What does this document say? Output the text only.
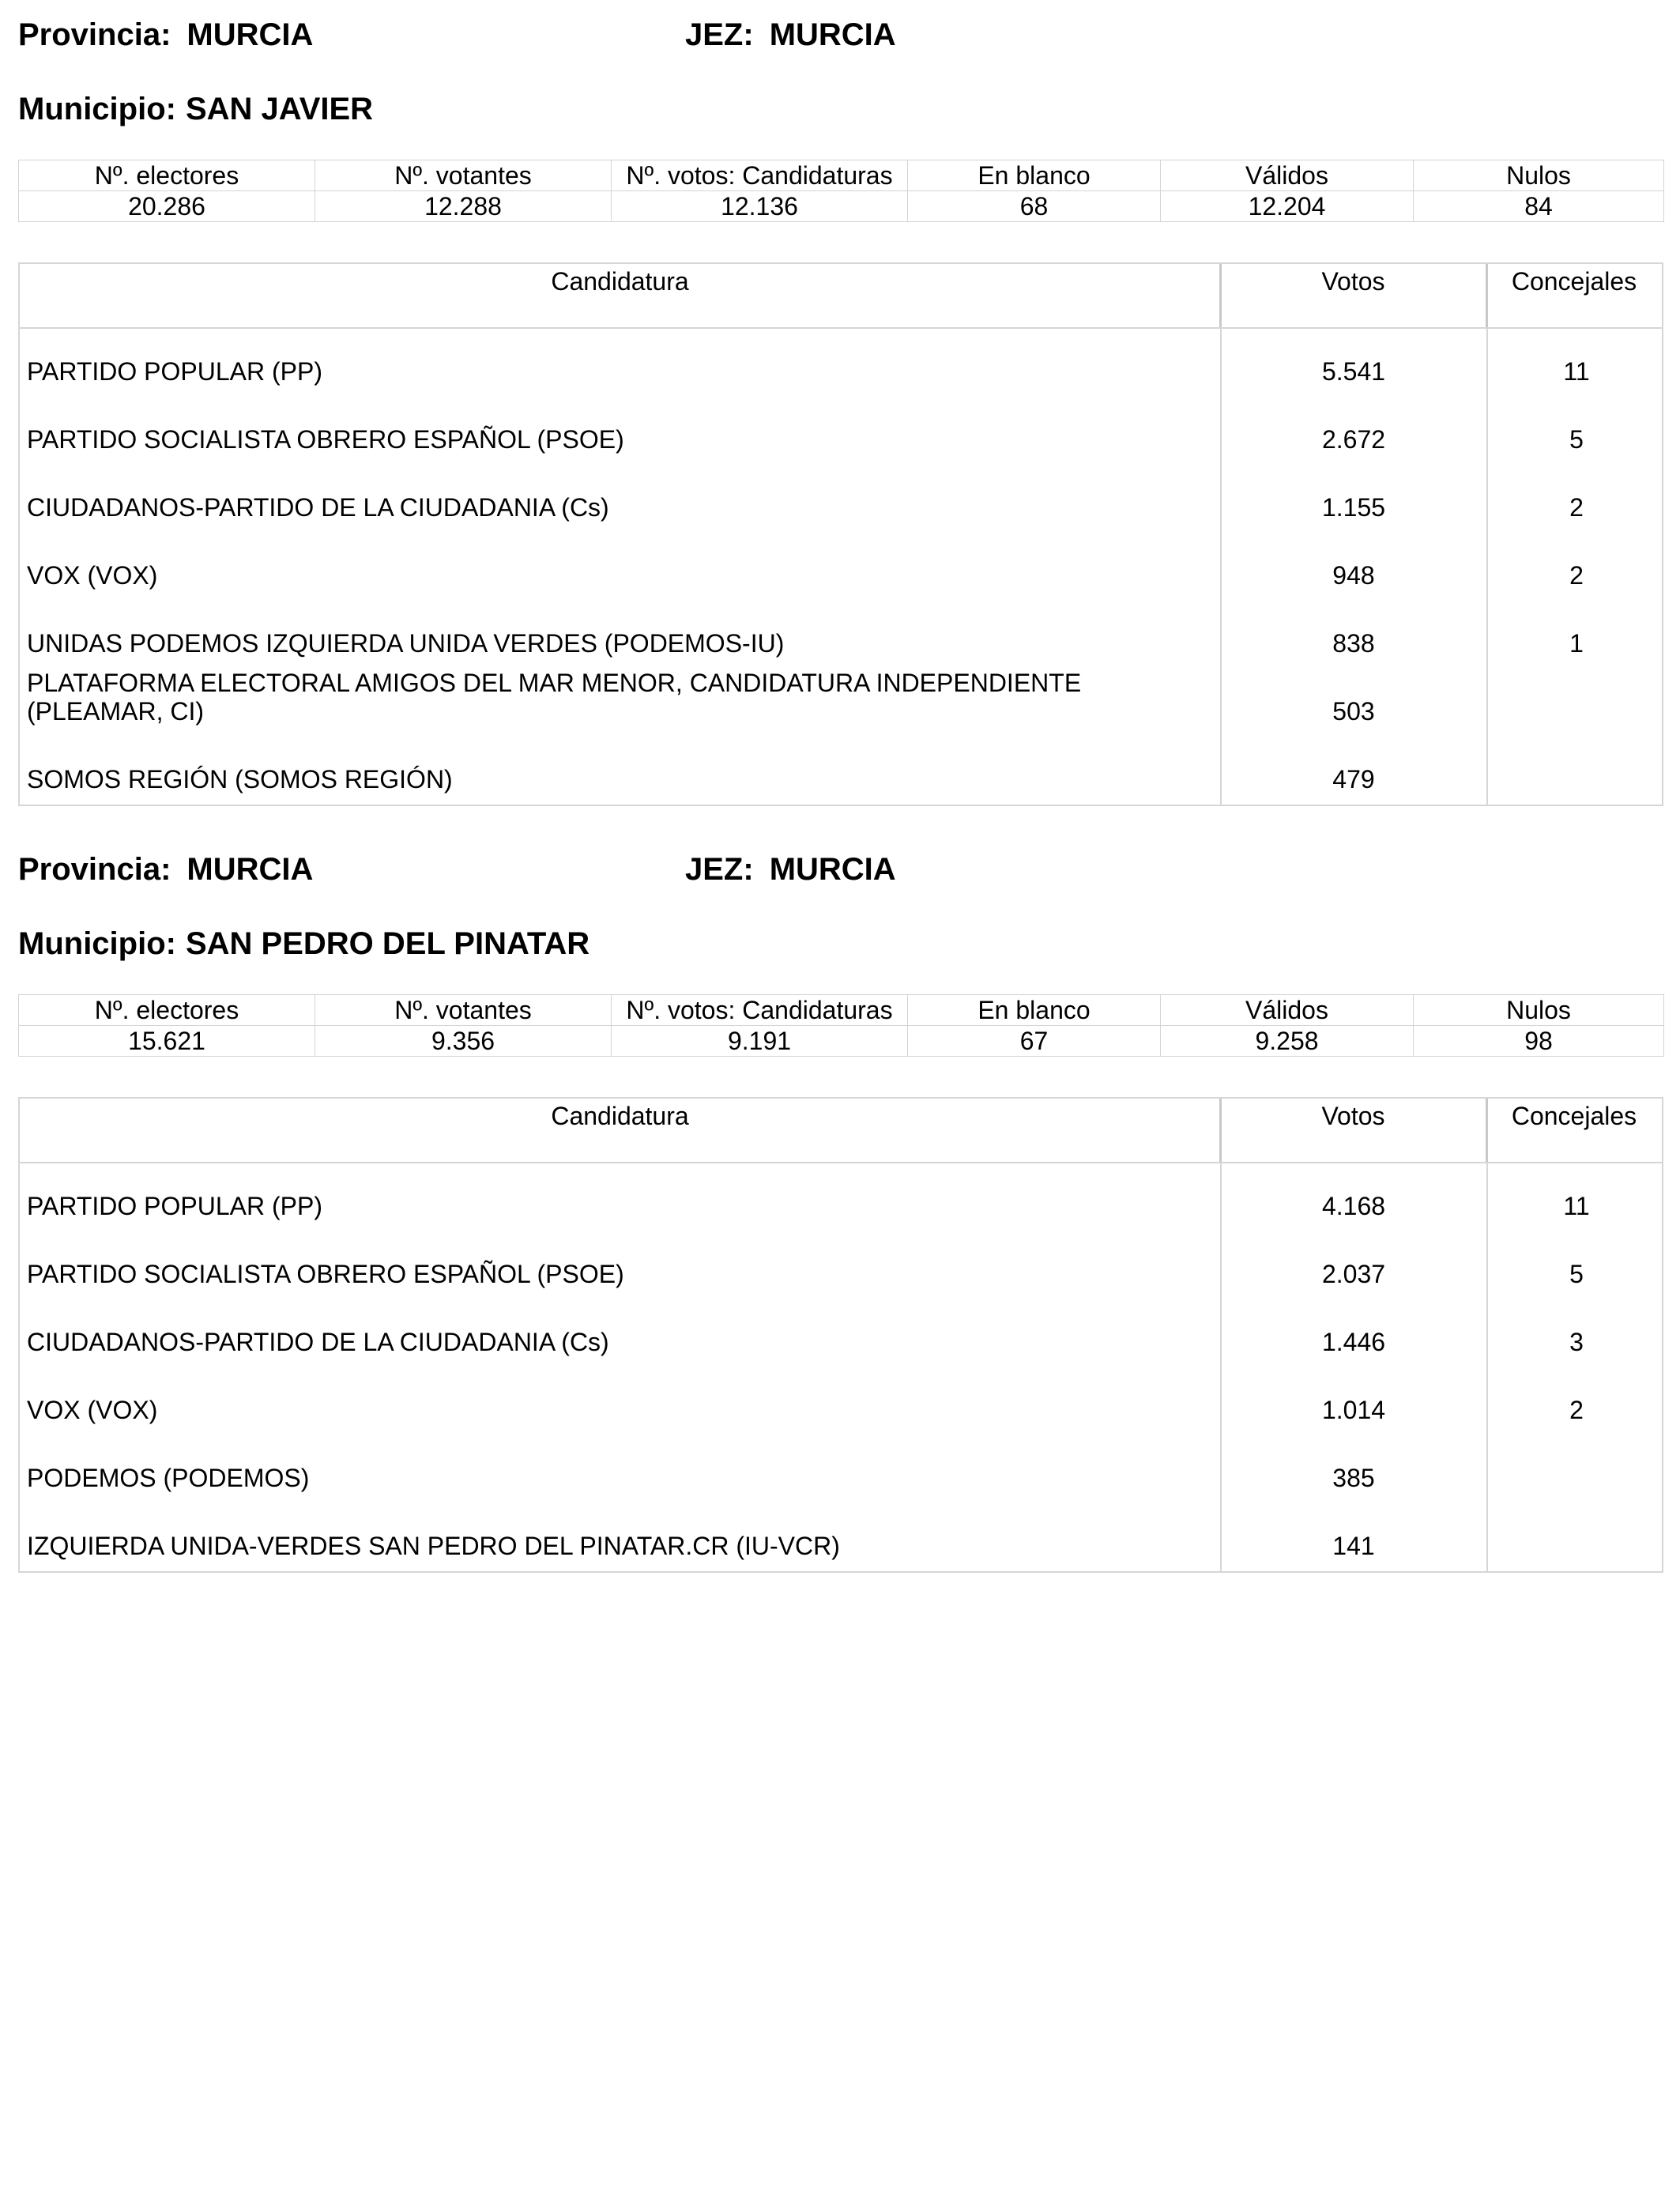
Provincia: MURCIA	JEZ: MURCIA
Municipio: SAN JAVIER
Nº. electores	Nº. votantes	Nº. votos: Candidaturas	En blanco	Válidos	Nulos
20.286	12.288	12.136	68	12.204	84
Candidatura	Votos	Concejales
PARTIDO POPULAR (PP)	5.541	11
PARTIDO SOCIALISTA OBRERO ESPAÑOL (PSOE)	2.672	5
CIUDADANOS-PARTIDO DE LA CIUDADANIA (Cs)	1.155	2
VOX (VOX)	948	2
UNIDAS PODEMOS IZQUIERDA UNIDA VERDES (PODEMOS-IU)	838	1
PLATAFORMA ELECTORAL AMIGOS DEL MAR MENOR, CANDIDATURA INDEPENDIENTE (PLEAMAR, CI)	503
SOMOS REGIÓN (SOMOS REGIÓN)	479
Provincia: MURCIA	JEZ: MURCIA
Municipio: SAN PEDRO DEL PINATAR
Nº. electores	Nº. votantes	Nº. votos: Candidaturas	En blanco	Válidos	Nulos
15.621	9.356	9.191	67	9.258	98
Candidatura	Votos	Concejales
PARTIDO POPULAR (PP)	4.168	11
PARTIDO SOCIALISTA OBRERO ESPAÑOL (PSOE)	2.037	5
CIUDADANOS-PARTIDO DE LA CIUDADANIA (Cs)	1.446	3
VOX (VOX)	1.014	2
PODEMOS (PODEMOS)	385
IZQUIERDA UNIDA-VERDES SAN PEDRO DEL PINATAR.CR (IU-VCR)	141
